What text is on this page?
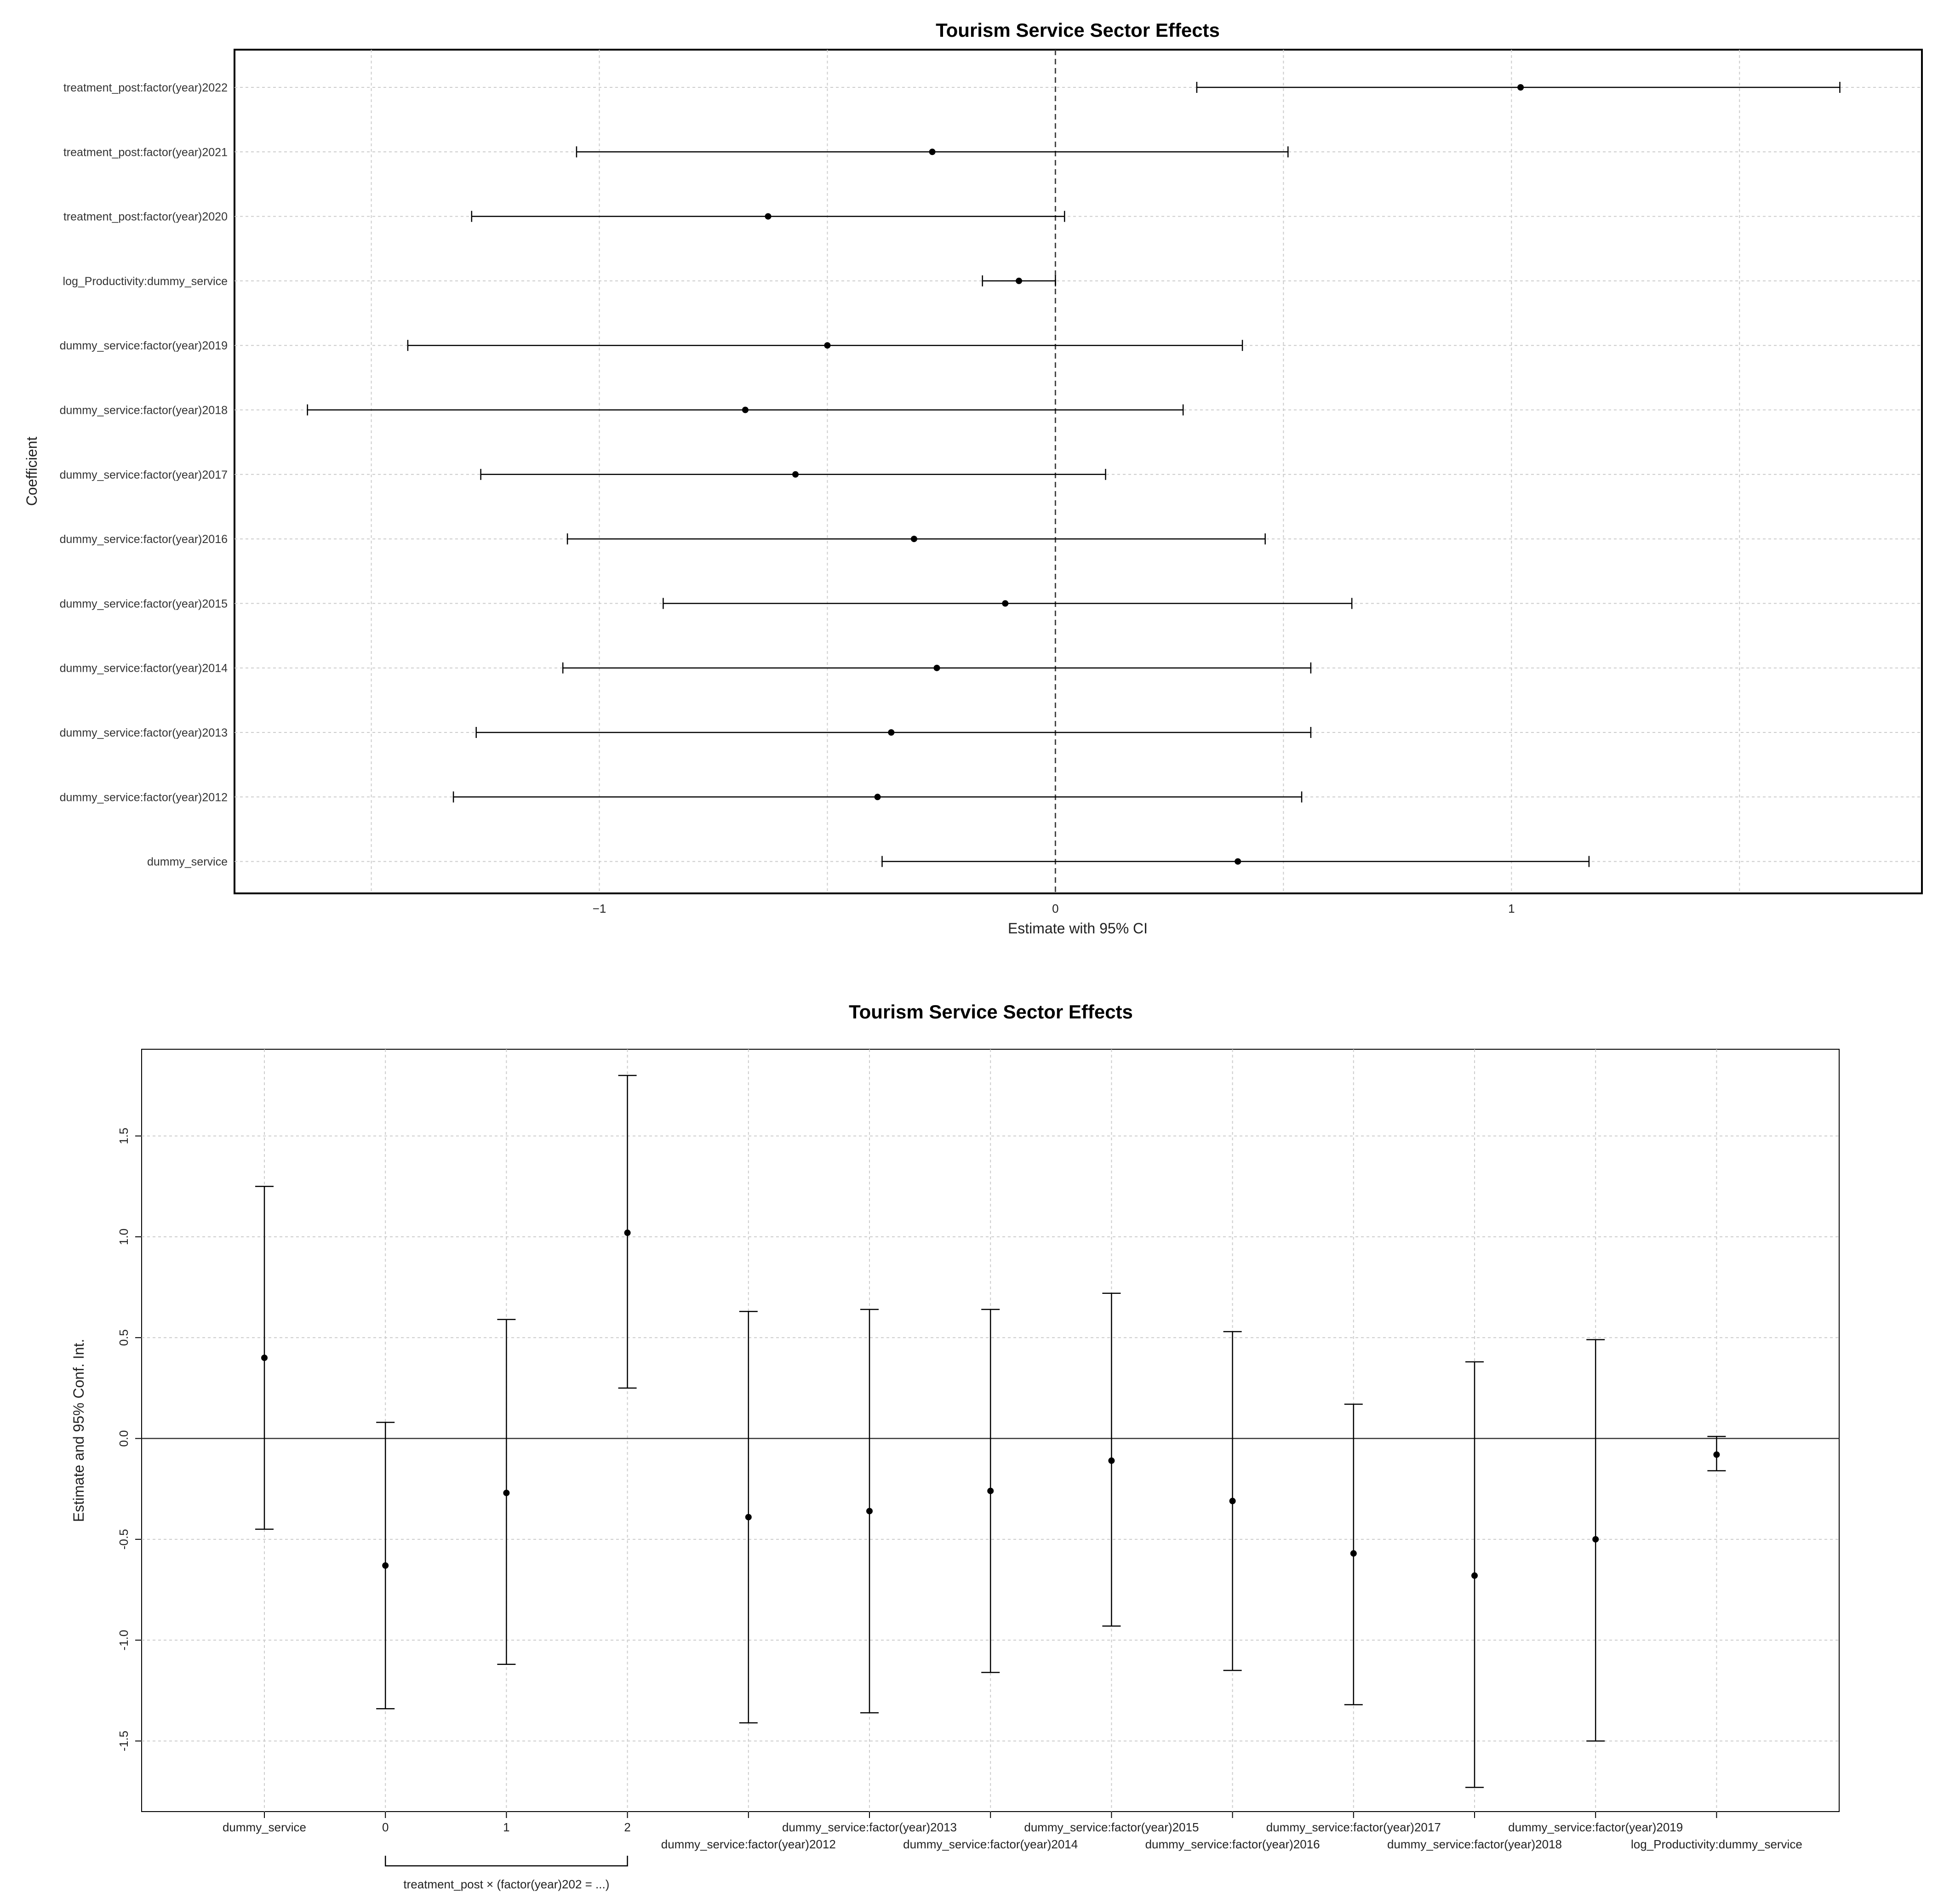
Tourism Service Sector Effects
treatment_post:factor(year)2022
treatment_post:factor(year)2021
treatment_post:factor(year)2020
log_Productivity:dummy_service
dummy_service:factor(year)2019
dummy_service:factor(year)2018
dummy_service:factor(year)2017
dummy_service:factor(year)2016
dummy_service:factor(year)2015
dummy_service:factor(year)2014
dummy_service:factor(year)2013
dummy_service:factor(year)2012
dummy_service
−1	0	1
Estimate with 95% CI
Coefficient
Tourism Service Sector Effects
-1.5
-1.0
-0.5
0.0
0.5
1.0
1.5
dummy_service	0	1	2
dummy_service:factor(year)2012
dummy_service:factor(year)2013
dummy_service:factor(year)2014
dummy_service:factor(year)2015
dummy_service:factor(year)2016
dummy_service:factor(year)2017
dummy_service:factor(year)2018
dummy_service:factor(year)2019
log_Productivity:dummy_service
Estimate and 95% Conf. Int.
treatment_post × (factor(year)202 = ...)
